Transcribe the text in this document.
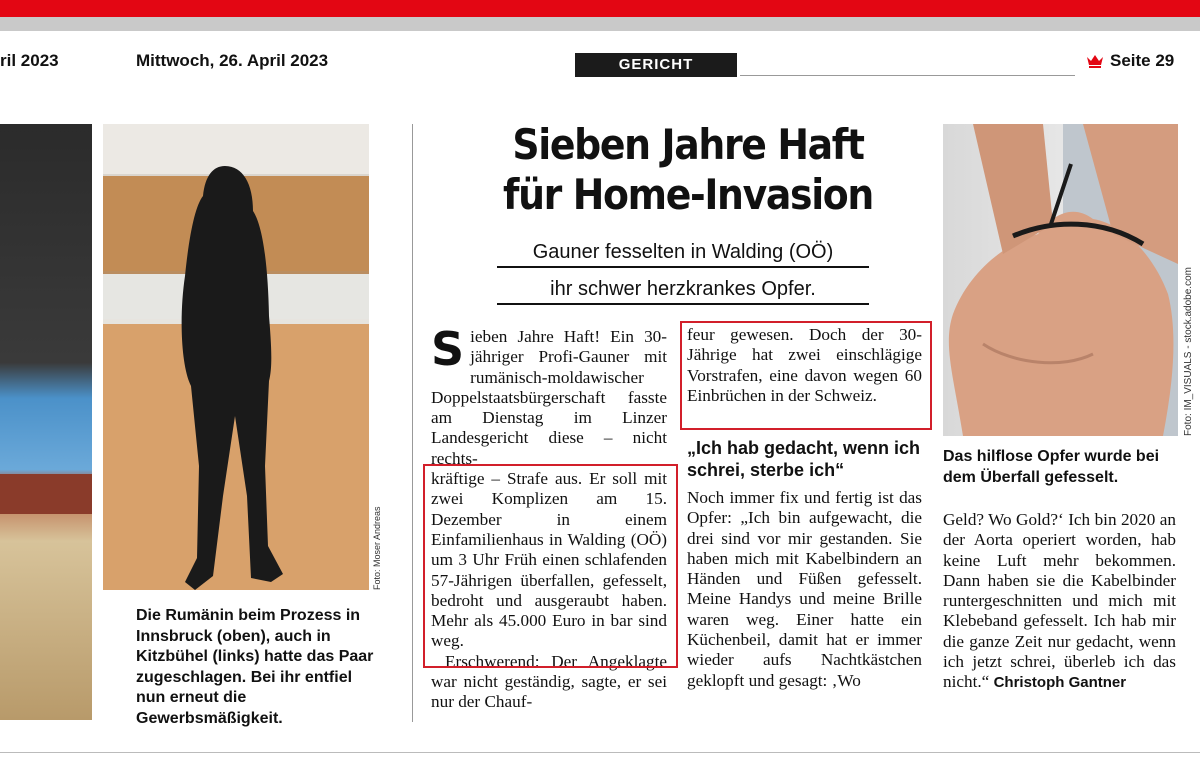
ril 2023	Mittwoch, 26. April 2023	GERICHT	Seite 29
Foto: Moser Andreas
Die Rumänin beim Prozess in Innsbruck (oben), auch in Kitzbühel (links) hatte das Paar zugeschlagen. Bei ihr entfiel nun erneut die Gewerbsmäßigkeit.
Sieben Jahre Haft
für Home-Invasion
Gauner fesselten in Walding (OÖ)
ihr schwer herzkrankes Opfer.

Sieben Jahre Haft! Ein 30-jähriger Profi-Gauner mit rumänisch-moldawischer Doppelstaatsbürgerschaft fasste am Dienstag im Linzer Landesgericht diese – nicht rechts-

kräftige – Strafe aus. Er soll mit zwei Komplizen am 15. Dezember in einem Einfamilienhaus in Walding (OÖ) um 3 Uhr Früh einen schlafenden 57-Jährigen überfallen, gefesselt, bedroht und ausgeraubt haben. Mehr als 45.000 Euro in bar sind weg.

Erschwerend: Der Angeklagte war nicht geständig, sagte, er sei nur der Chauf-

feur gewesen. Doch der 30-Jährige hat zwei einschlägige Vorstrafen, eine davon wegen 60 Einbrüchen in der Schweiz.

„Ich hab gedacht, wenn ich schrei, sterbe ich“

Noch immer fix und fertig ist das Opfer: „Ich bin aufgewacht, die drei sind vor mir gestanden. Sie haben mich mit Kabelbindern an Händen und Füßen gefesselt. Meine Handys und meine Brille waren weg. Einer hatte ein Küchenbeil, damit hat er immer wieder aufs Nachtkästchen geklopft und gesagt: ‚Wo

Foto: IM_VISUALS - stock.adobe.com
Das hilflose Opfer wurde bei dem Überfall gefesselt.

Geld? Wo Gold?‘ Ich bin 2020 an der Aorta operiert worden, hab keine Luft mehr bekommen. Dann haben sie die Kabelbinder runtergeschnitten und mich mit Klebeband gefesselt. Ich hab mir die ganze Zeit nur gedacht, wenn ich jetzt schrei, überleb ich das nicht.“ Christoph Gantner
